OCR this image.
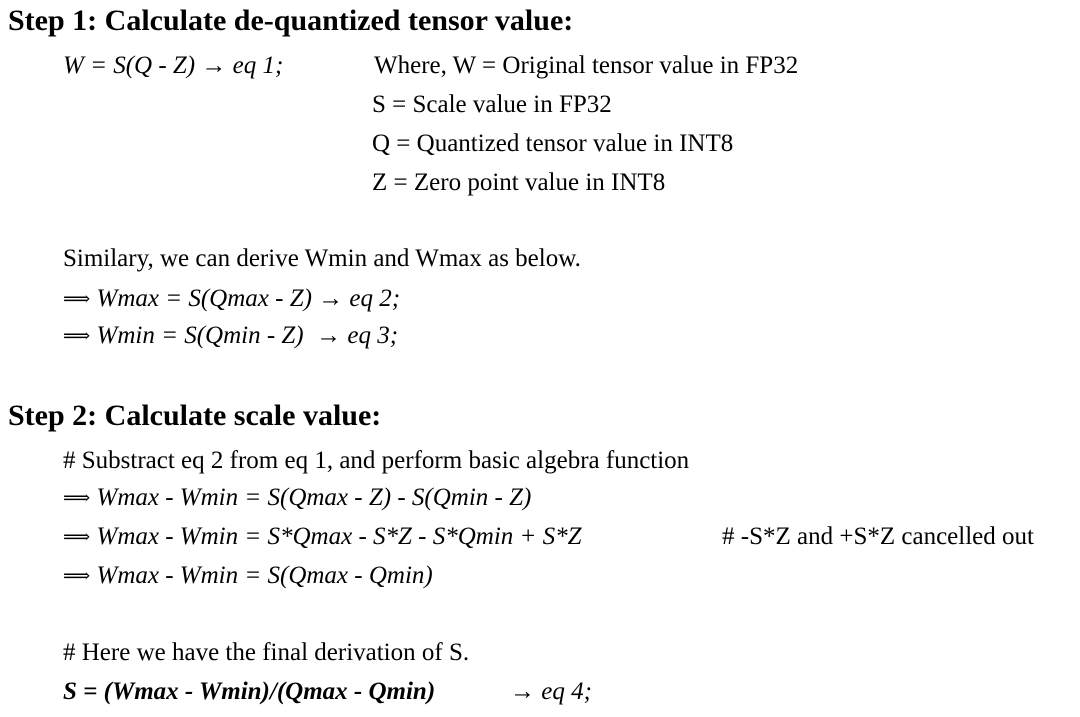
Step 1: Calculate de-quantized tensor value:
W = S(Q - Z) → eq 1;	Where, W = Original tensor value in FP32
S = Scale value in FP32
Q = Quantized tensor value in INT8
Z = Zero point value in INT8
Similary, we can derive Wmin and Wmax as below.
⟹ Wmax = S(Qmax - Z) → eq 2;
⟹ Wmin = S(Qmin - Z)  → eq 3;
Step 2: Calculate scale value:
# Substract eq 2 from eq 1, and perform basic algebra function
⟹ Wmax - Wmin = S(Qmax - Z) - S(Qmin - Z)
⟹ Wmax - Wmin = S*Qmax - S*Z - S*Qmin + S*Z	# -S*Z and +S*Z cancelled out
⟹ Wmax - Wmin = S(Qmax - Qmin)
# Here we have the final derivation of S.
S = (Wmax - Wmin)/(Qmax - Qmin)	→ eq 4;
